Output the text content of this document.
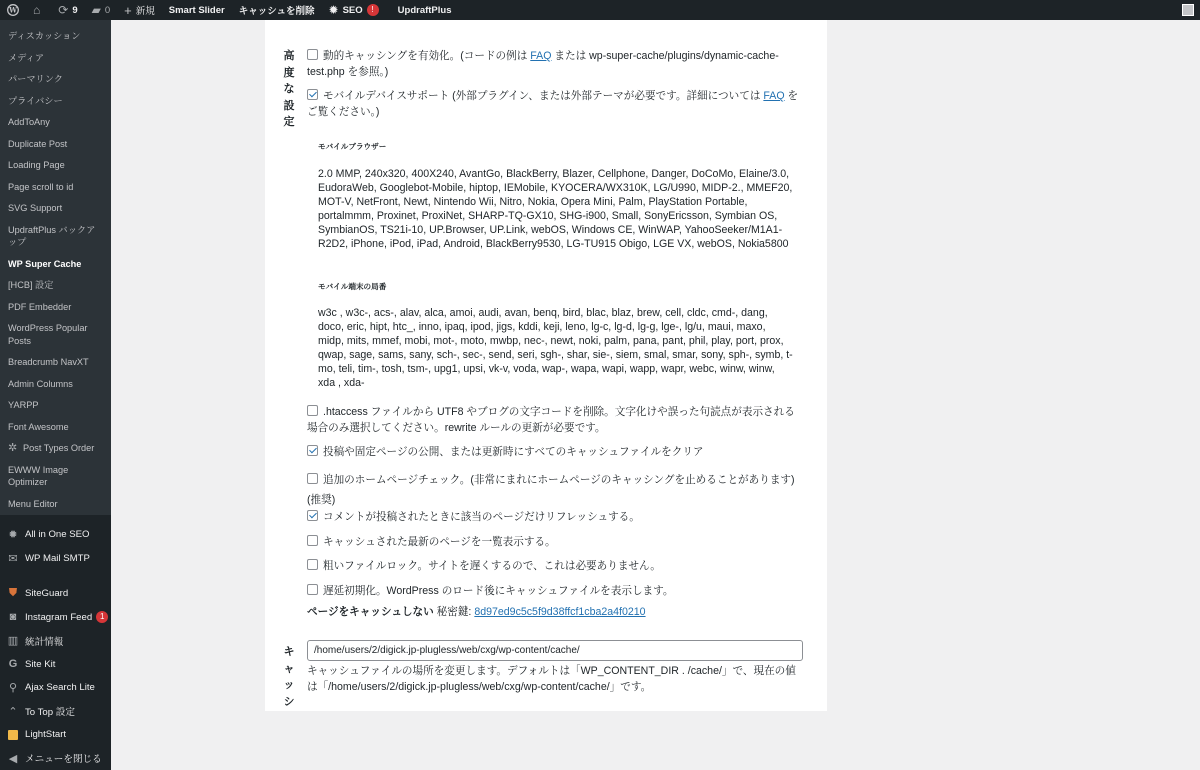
W ⌂ ⟳ 9 ▰ 0 + 新規 Smart Slider キャッシュを削除 ✹ SEO	!	UpdraftPlus
ディスカッション
メディア
パーマリンク
プライバシー
AddToAny
Duplicate Post
Loading Page
Page scroll to id
SVG Support
UpdraftPlus バックアップ
WP Super Cache
[HCB] 設定
PDF Embedder
WordPress Popular Posts
Breadcrumb NavXT
Admin Columns
YARPP
Font Awesome
✲ Post Types Order
EWWW Image Optimizer
Menu Editor
✹ All in One SEO
✉ WP Mail SMTP
⛊ SiteGuard
◙ Instagram Feed 1
▥ 統計情報
G Site Kit
⚲ Ajax Search Lite
⌃ To Top 設定
LightStart
◀ メニューを閉じる
高
度
な
設
定
キ
ャ
ッ
シ
動的キャッシングを有効化。(コードの例は FAQ または wp-super-cache/plugins/dynamic-cache-test.php を参照。)
モバイルデバイスサポート (外部プラグイン、または外部テーマが必要です。詳細については FAQ をご覧ください。)
モバイルブラウザー
2.0 MMP, 240x320, 400X240, AvantGo, BlackBerry, Blazer, Cellphone, Danger, DoCoMo, Elaine/3.0, EudoraWeb, Googlebot-Mobile, hiptop, IEMobile, KYOCERA/WX310K, LG/U990, MIDP-2., MMEF20, MOT-V, NetFront, Newt, Nintendo Wii, Nitro, Nokia, Opera Mini, Palm, PlayStation Portable, portalmmm, Proxinet, ProxiNet, SHARP-TQ-GX10, SHG-i900, Small, SonyEricsson, Symbian OS, SymbianOS, TS21i-10, UP.Browser, UP.Link, webOS, Windows CE, WinWAP, YahooSeeker/M1A1-R2D2, iPhone, iPod, iPad, Android, BlackBerry9530, LG-TU915 Obigo, LGE VX, webOS, Nokia5800
モバイル端末の局番
w3c , w3c-, acs-, alav, alca, amoi, audi, avan, benq, bird, blac, blaz, brew, cell, cldc, cmd-, dang, doco, eric, hipt, htc_, inno, ipaq, ipod, jigs, kddi, keji, leno, lg-c, lg-d, lg-g, lge-, lg/u, maui, maxo, midp, mits, mmef, mobi, mot-, moto, mwbp, nec-, newt, noki, palm, pana, pant, phil, play, port, prox, qwap, sage, sams, sany, sch-, sec-, send, seri, sgh-, shar, sie-, siem, smal, smar, sony, sph-, symb, t-mo, teli, tim-, tosh, tsm-, upg1, upsi, vk-v, voda, wap-, wapa, wapi, wapp, wapr, webc, winw, winw, xda , xda-
.htaccess ファイルから UTF8 やブログの文字コードを削除。文字化けや誤った句読点が表示される場合のみ選択してください。rewrite ルールの更新が必要です。
投稿や固定ページの公開、または更新時にすべてのキャッシュファイルをクリア
追加のホームページチェック。(非常にまれにホームページのキャッシングを止めることがあります) (推奨)
コメントが投稿されたときに該当のページだけリフレッシュする。
キャッシュされた最新のページを一覧表示する。
粗いファイルロック。サイトを遅くするので、これは必要ありません。
遅延初期化。WordPress のロード後にキャッシュファイルを表示します。
ページをキャッシュしない 秘密鍵: 8d97ed9c5c5f9d38ffcf1cba2a4f0210
/home/users/2/digick.jp-plugless/web/cxg/wp-content/cache/
キャッシュファイルの場所を変更します。デフォルトは「WP_CONTENT_DIR . /cache/」で、現在の値は「/home/users/2/digick.jp-plugless/web/cxg/wp-content/cache/」です。
